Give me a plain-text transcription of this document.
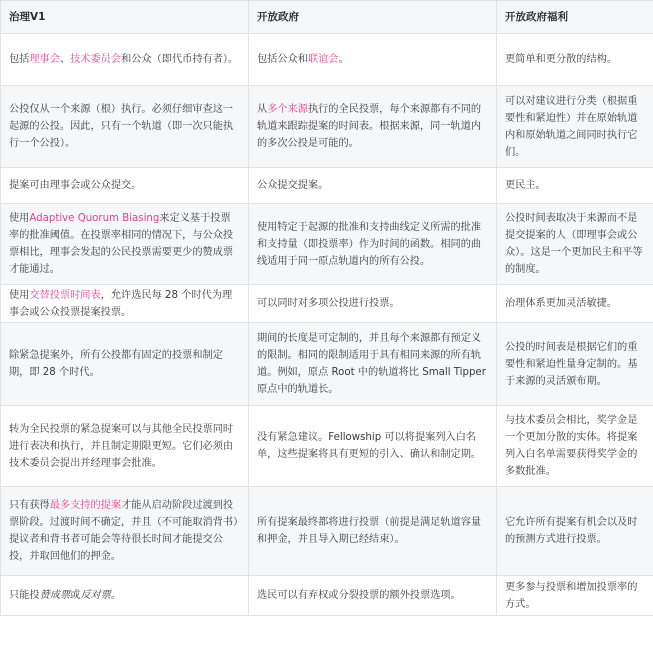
治理V1	开放政府	开放政府福利
包括理事会、技术委员会和公众（即代币持有者）。	包括公众和联谊会。	更简单和更分散的结构。
公投仅从一个来源（根）执行。必须仔细审查这一起源的公投。因此，只有一个轨道（即一次只能执行一个公投）。	从多个来源执行的全民投票，每个来源都有不同的轨道来跟踪提案的时间表。根据来源，同一轨道内的多次公投是可能的。	可以对建议进行分类（根据重要性和紧迫性）并在原始轨道内和原始轨道之间同时执行它们。
提案可由理事会或公众提交。	公众提交提案。	更民主。
使用Adaptive Quorum Biasing来定义基于投票率的批准阈值。在投票率相同的情况下，与公众投票相比，理事会发起的公民投票需要更少的赞成票才能通过。	使用特定于起源的批准和支持曲线定义所需的批准和支持量（即投票率）作为时间的函数。相同的曲线适用于同一原点轨道内的所有公投。	公投时间表取决于来源而不是提交提案的人（即理事会或公众）。这是一个更加民主和平等的制度。
使用交替投票时间表，允许选民每 28 个时代为理事会或公众投票提案投票。	可以同时对多项公投进行投票。	治理体系更加灵活敏捷。
除紧急提案外，所有公投都有固定的投票和制定期，即 28 个时代。	期间的长度是可定制的，并且每个来源都有预定义的限制。相同的限制适用于具有相同来源的所有轨道。例如，原点 Root 中的轨道将比 Small Tipper 原点中的轨道长。	公投的时间表是根据它们的重要性和紧迫性量身定制的。基于来源的灵活颁布期。
转为全民投票的紧急提案可以与其他全民投票同时进行表决和执行，并且制定期限更短。它们必须由技术委员会提出并经理事会批准。	没有紧急建议。Fellowship 可以将提案列入白名单，这些提案将具有更短的引入、确认和制定期。	与技术委员会相比，奖学金是一个更加分散的实体。将提案列入白名单需要获得奖学金的多数批准。
只有获得最多支持的提案才能从启动阶段过渡到投票阶段。过渡时间不确定，并且（不可能取消背书）提议者和背书者可能会等待很长时间才能提交公投，并取回他们的押金。	所有提案最终都将进行投票（前提是满足轨道容量和押金，并且导入期已经结束）。	它允许所有提案有机会以及时的预测方式进行投票。
只能投赞成票或反对票。	选民可以有弃权或分裂投票的额外投票选项。	更多参与投票和增加投票率的方式。
